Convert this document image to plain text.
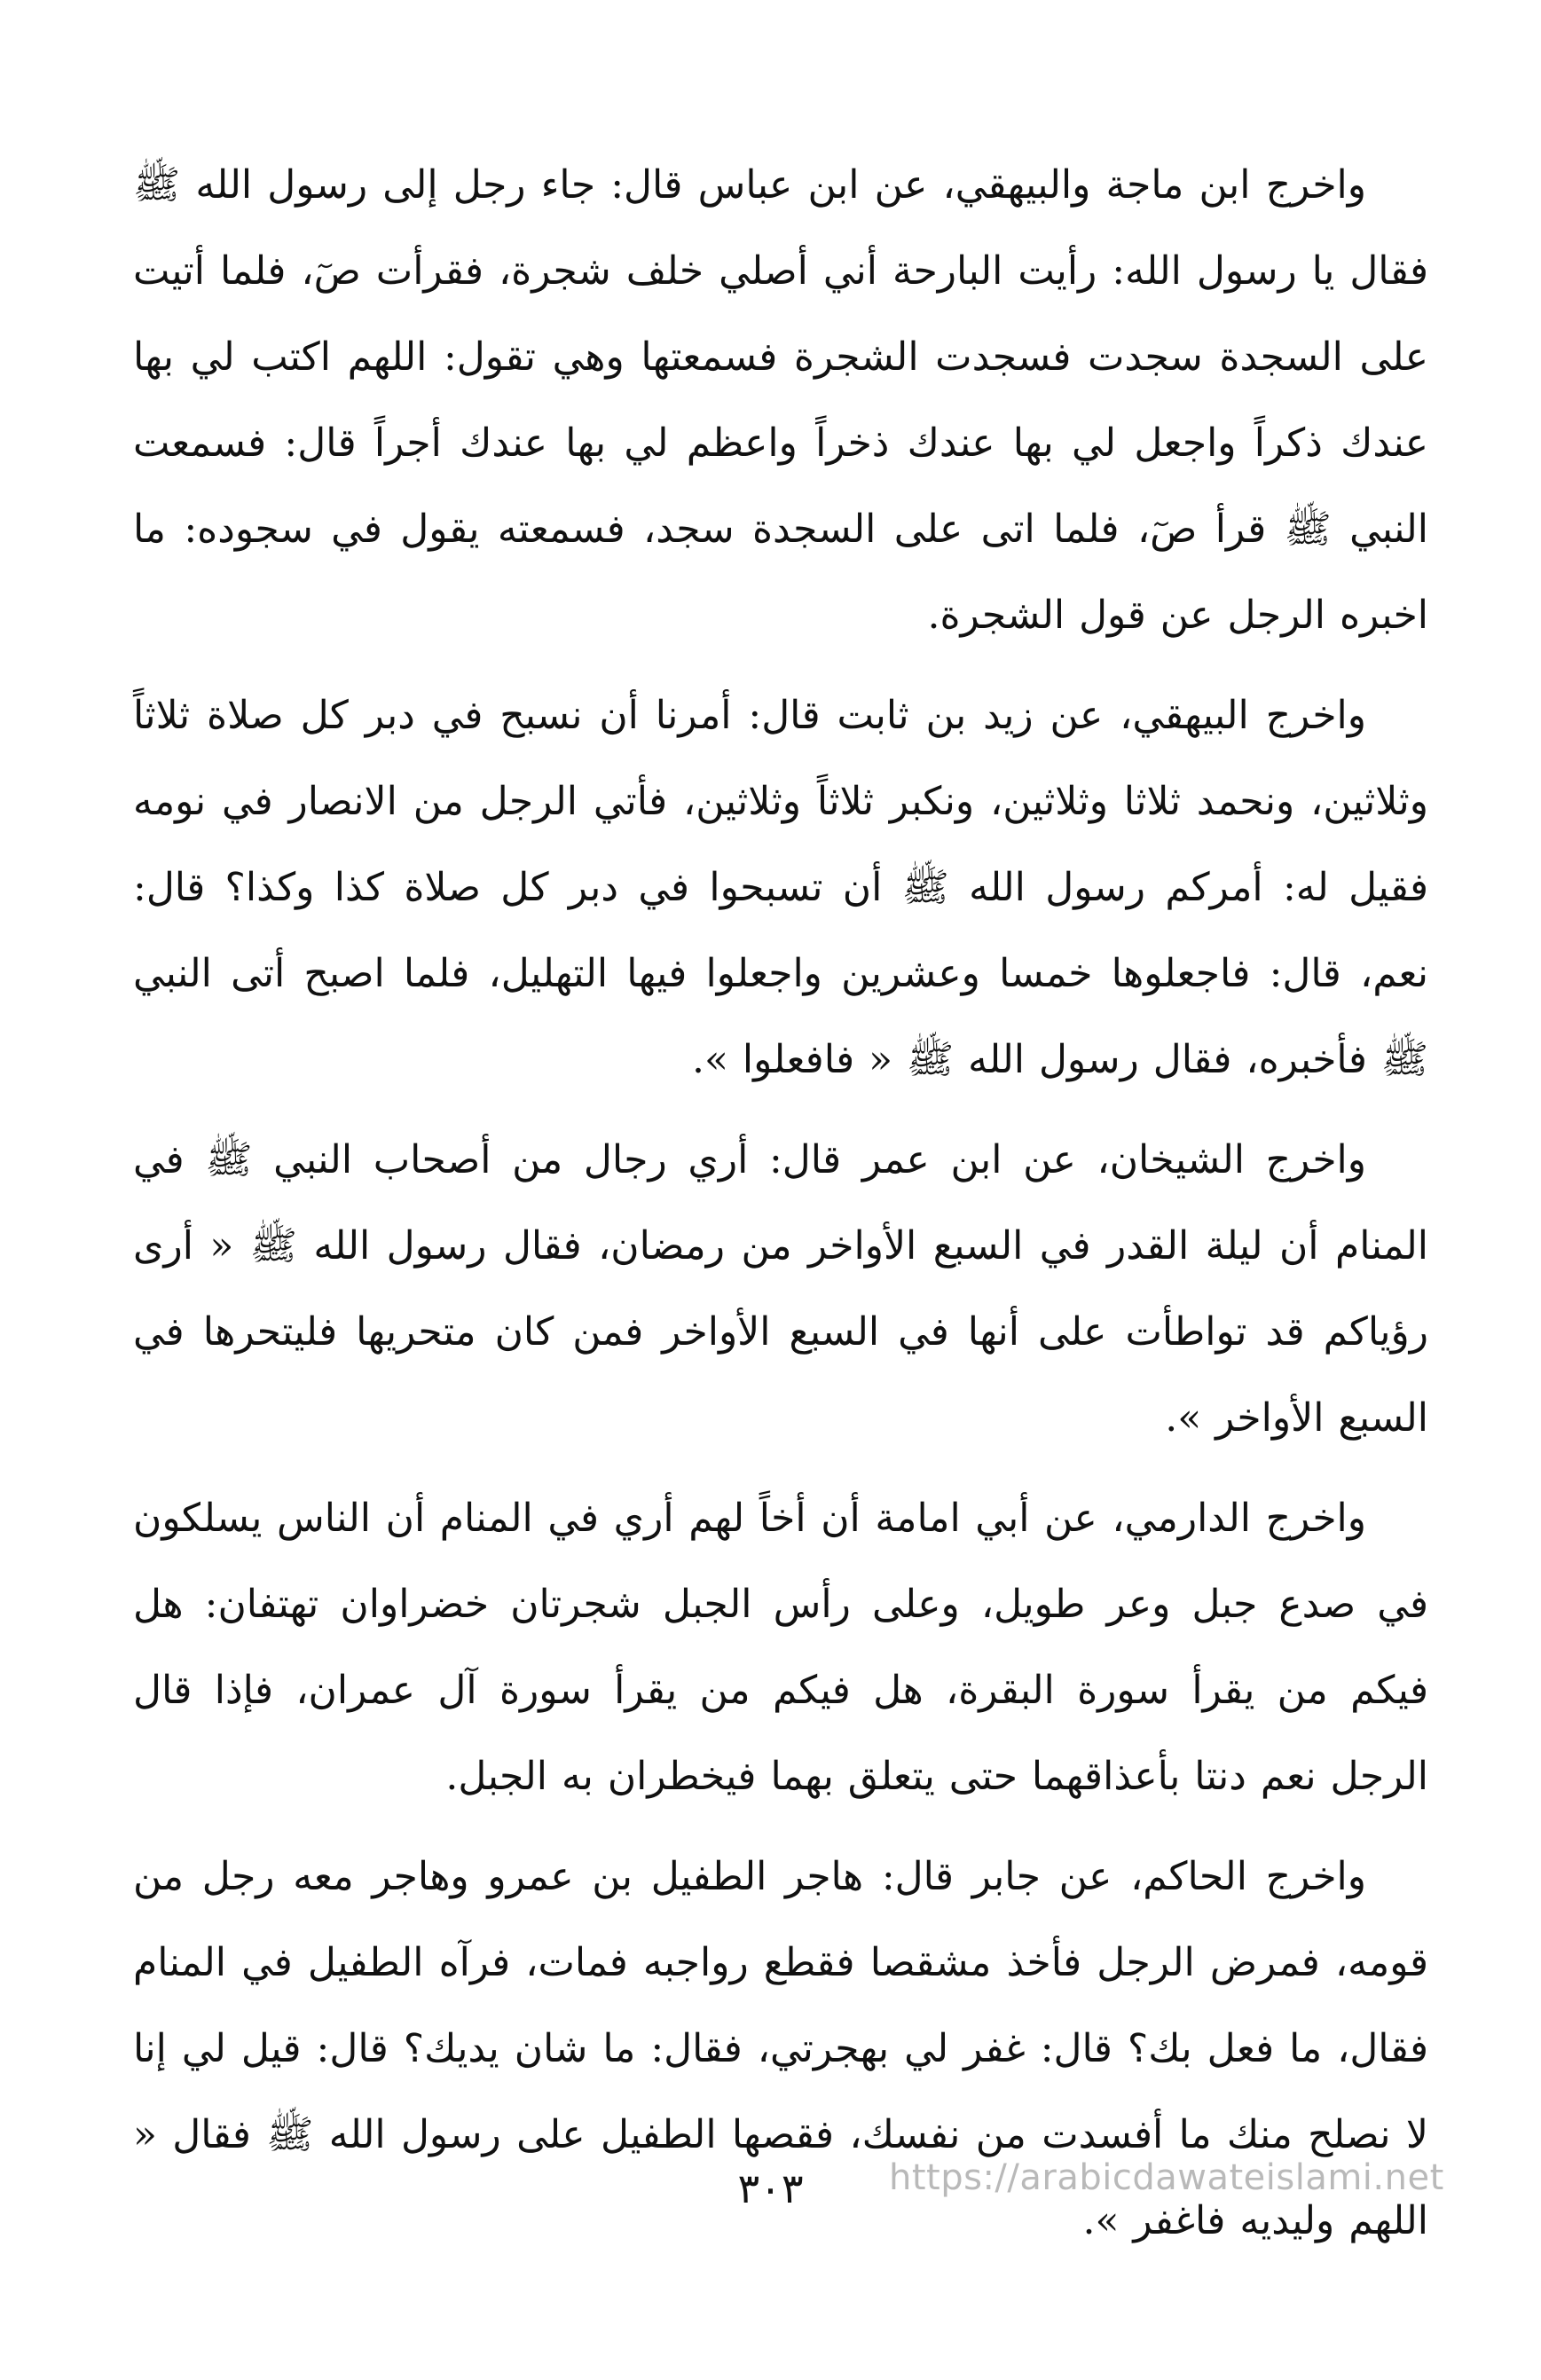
واخرج ابن ماجة والبيهقي، عن ابن عباس قال: جاء رجل إلى رسول الله ﷺ فقال يا رسول الله: رأيت البارحة أني أصلي خلف شجرة، فقرأت صٓ، فلما أتيت على السجدة سجدت فسجدت الشجرة فسمعتها وهي تقول: اللهم اكتب لي بها عندك ذكراً واجعل لي بها عندك ذخراً واعظم لي بها عندك أجراً قال: فسمعت النبي ﷺ قرأ صٓ، فلما اتى على السجدة سجد، فسمعته يقول في سجوده: ما اخبره الرجل عن قول الشجرة.

واخرج البيهقي، عن زيد بن ثابت قال: أمرنا أن نسبح في دبر كل صلاة ثلاثاً وثلاثين، ونحمد ثلاثا وثلاثين، ونكبر ثلاثاً وثلاثين، فأتي الرجل من الانصار في نومه فقيل له: أمركم رسول الله ﷺ أن تسبحوا في دبر كل صلاة كذا وكذا؟ قال: نعم، قال: فاجعلوها خمسا وعشرين واجعلوا فيها التهليل، فلما اصبح أتى النبي ﷺ فأخبره، فقال رسول الله ﷺ « فافعلوا ».

واخرج الشيخان، عن ابن عمر قال: أري رجال من أصحاب النبي ﷺ في المنام أن ليلة القدر في السبع الأواخر من رمضان، فقال رسول الله ﷺ « أرى رؤياكم قد تواطأت على أنها في السبع الأواخر فمن كان متحريها فليتحرها في السبع الأواخر ».

واخرج الدارمي، عن أبي امامة أن أخاً لهم أري في المنام أن الناس يسلكون في صدع جبل وعر طويل، وعلى رأس الجبل شجرتان خضراوان تهتفان: هل فيكم من يقرأ سورة البقرة، هل فيكم من يقرأ سورة آل عمران، فإذا قال الرجل نعم دنتا بأعذاقهما حتى يتعلق بهما فيخطران به الجبل.

واخرج الحاكم، عن جابر قال: هاجر الطفيل بن عمرو وهاجر معه رجل من قومه، فمرض الرجل فأخذ مشقصا فقطع رواجبه فمات، فرآه الطفيل في المنام فقال، ما فعل بك؟ قال: غفر لي بهجرتي، فقال: ما شان يديك؟ قال: قيل لي إنا لا نصلح منك ما أفسدت من نفسك، فقصها الطفيل على رسول الله ﷺ فقال « اللهم وليديه فاغفر ».

٣٠٣	https://arabicdawateislami.net
